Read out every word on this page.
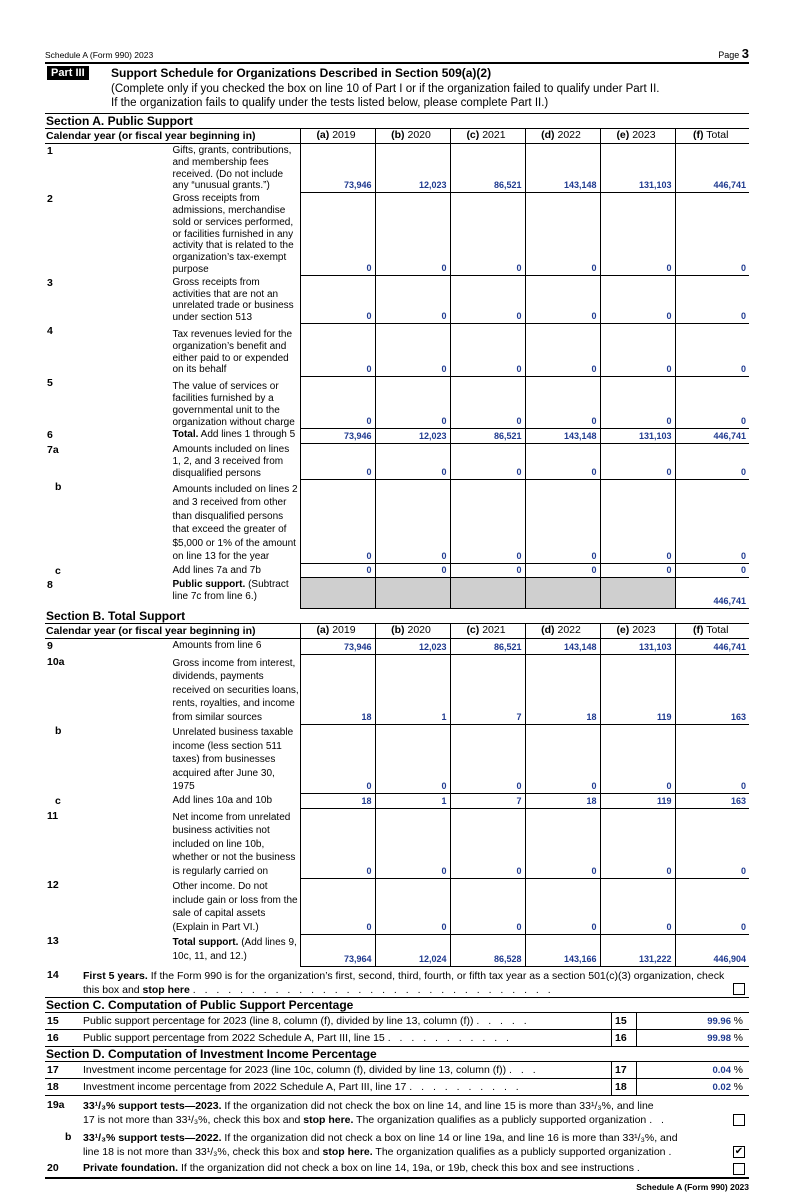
Schedule A (Form 990) 2023	Page 3
Part III	Support Schedule for Organizations Described in Section 509(a)(2)
(Complete only if you checked the box on line 10 of Part I or if the organization failed to qualify under Part II.
If the organization fails to qualify under the tests listed below, please complete Part II.)
Section A. Public Support
Calendar year (or fiscal year beginning in)		(a) 2019	(b) 2020	(c) 2021	(d) 2022	(e) 2023	(f) Total
1	Gifts, grants, contributions, and membership fees received. (Do not include any “unusual grants.”)	73,946	12,023	86,521	143,148	131,103	446,741
2	Gross receipts from admissions, merchandise sold or services performed, or facilities furnished in any activity that is related to the organization’s tax-exempt purpose	0	0	0	0	0	0
3	Gross receipts from activities that are not an unrelated trade or business under section 513	0	0	0	0	0	0
4	Tax revenues levied for the organization’s benefit and either paid to or expended on its behalf	0	0	0	0	0	0
5	The value of services or facilities furnished by a governmental unit to the organization without charge	0	0	0	0	0	0
6	Total. Add lines 1 through 5	73,946	12,023	86,521	143,148	131,103	446,741
7a	Amounts included on lines 1, 2, and 3 received from disqualified persons	0	0	0	0	0	0
b	Amounts included on lines 2 and 3 received from other than disqualified persons that exceed the greater of $5,000 or 1% of the amount on line 13 for the year	0	0	0	0	0	0
c	Add lines 7a and 7b	0	0	0	0	0	0
8	Public support. (Subtract line 7c from line 6.)						446,741
Section B. Total Support
Calendar year (or fiscal year beginning in)		(a) 2019	(b) 2020	(c) 2021	(d) 2022	(e) 2023	(f) Total
9	Amounts from line 6	73,946	12,023	86,521	143,148	131,103	446,741
10a	Gross income from interest, dividends, payments received on securities loans, rents, royalties, and income from similar sources	18	1	7	18	119	163
b	Unrelated business taxable income (less section 511 taxes) from businesses acquired after June 30, 1975	0	0	0	0	0	0
c	Add lines 10a and 10b	18	1	7	18	119	163
11	Net income from unrelated business activities not included on line 10b, whether or not the business is regularly carried on	0	0	0	0	0	0
12	Other income. Do not include gain or loss from the sale of capital assets (Explain in Part VI.)	0	0	0	0	0	0
13	Total support. (Add lines 9, 10c, 11, and 12.)	73,964	12,024	86,528	143,166	131,222	446,904
14 First 5 years. If the Form 990 is for the organization’s first, second, third, fourth, or fifth tax year as a section 501(c)(3) organization, check this box and stop here . . . . . . . . . . . . . . . . . . . . . . . . . . . . . . .
Section C. Computation of Public Support Percentage
15 Public support percentage for 2023 (line 8, column (f), divided by line 13, column (f)) . . . . .	15	99.96 %
16 Public support percentage from 2022 Schedule A, Part III, line 15 . . . . . . . . . . .	16	99.98 %
Section D. Computation of Investment Income Percentage
17 Investment income percentage for 2023 (line 10c, column (f), divided by line 13, column (f)) . . .	17	0.04 %
18 Investment income percentage from 2022 Schedule A, Part III, line 17 . . . . . . . . . .	18	0.02 %
19a 33¹/₃% support tests—2023. If the organization did not check the box on line 14, and line 15 is more than 33¹/₃%, and line
17 is not more than 33¹/₃%, check this box and stop here. The organization qualifies as a publicly supported organization . .
b 33¹/₃% support tests—2022. If the organization did not check a box on line 14 or line 19a, and line 16 is more than 33¹/₃%, and
line 18 is not more than 33¹/₃%, check this box and stop here. The organization qualifies as a publicly supported organization .	✔
20 Private foundation. If the organization did not check a box on line 14, 19a, or 19b, check this box and see instructions .
Schedule A (Form 990) 2023
